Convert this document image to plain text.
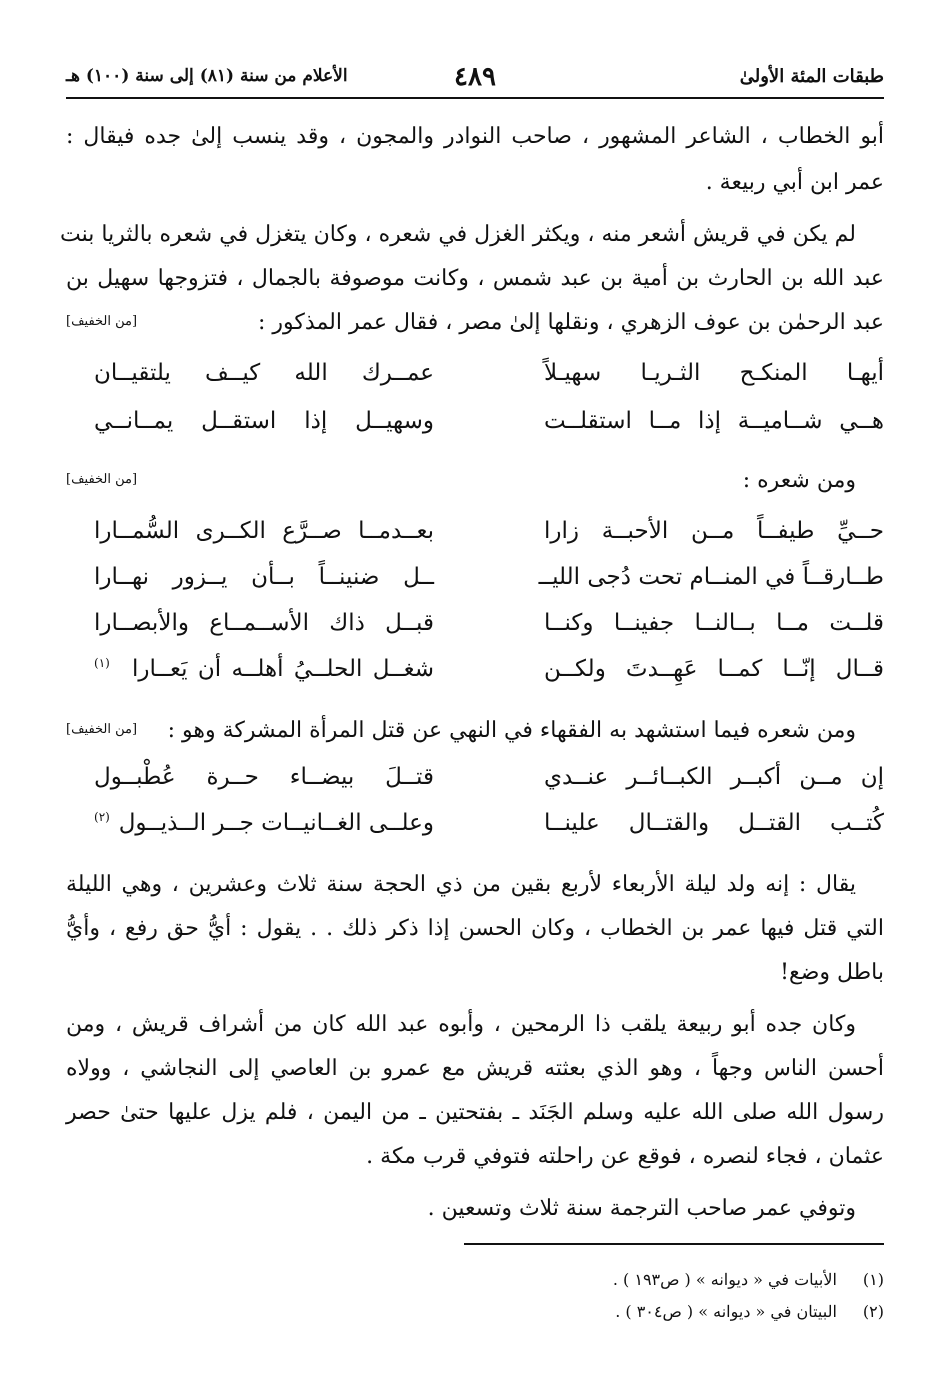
طبقات المئة الأولىٰ
٤٨٩
الأعلام من سنة (٨١) إلى سنة (١٠٠) هـ
أبو الخطاب ، الشاعر المشهور ، صاحب النوادر والمجون ، وقد ينسب إلىٰ جده فيقال :
عمر ابن أبي ربيعة .
لم يكن في قريش أشعر منه ، ويكثر الغزل في شعره ، وكان يتغزل في شعره بالثريا بنت
عبد الله بن الحارث بن أمية بن عبد شمس ، وكانت موصوفة بالجمال ، فتزوجها سهيل بن
عبد الرحمٰن بن عوف الزهري ، ونقلها إلىٰ مصر ، فقال عمر المذكور :
[من الخفيف]
أيهـا المنكـح الثـريـا سهيـلاً
عمــرك الله كيــف يلتقيــان
هــي شــاميــة إذا مــا استقلــت
وسهيــل إذا استقــل يمــانــي
ومن شعره :
[من الخفيف]
حــيِّ طيفــاً مــن الأحبــة زارا
بعــدمــا صــرَّع الكــرى السُّمــارا
طــارقــاً في المنــام تحت دُجى الليــ
ــل ضنينــاً بــأن يــزور نهــارا
قلــت مــا بــالنــا جفينــا وكنــا
قبــل ذاك الأســمــاع والأبصــارا
قــال إنّــا كمــا عَهِــدتَ ولكــن
شغــل الحلــيُ أهلــه أن يَعــارا
(١)
ومن شعره فيما استشهد به الفقهاء في النهي عن قتل المرأة المشركة وهو :
[من الخفيف]
إن مــن أكبــر الكبــائــر عنــدي
قتــلَ بيضــاء حــرة عُطْبــول
كُتــب القتــل والقتــال علينــا
وعلــى الغــانيــات جــر الــذيــول
(٢)
يقال : إنه ولد ليلة الأربعاء لأربع بقين من ذي الحجة سنة ثلاث وعشرين ، وهي الليلة
التي قتل فيها عمر بن الخطاب ، وكان الحسن إذا ذكر ذلك . . يقول : أيُّ حق رفع ، وأيُّ
باطل وضع!
وكان جده أبو ربيعة يلقب ذا الرمحين ، وأبوه عبد الله كان من أشراف قريش ، ومن
أحسن الناس وجهاً ، وهو الذي بعثته قريش مع عمرو بن العاصي إلى النجاشي ، وولاه
رسول الله صلى الله عليه وسلم الجَنَد ـ بفتحتين ـ من اليمن ، فلم يزل عليها حتىٰ حصر
عثمان ، فجاء لنصره ، فوقع عن راحلته فتوفي قرب مكة .
وتوفي عمر صاحب الترجمة سنة ثلاث وتسعين .
(١) الأبيات في « ديوانه » ( ص١٩٣ ) .
(٢) البيتان في « ديوانه » ( ص٣٠٤ ) .
